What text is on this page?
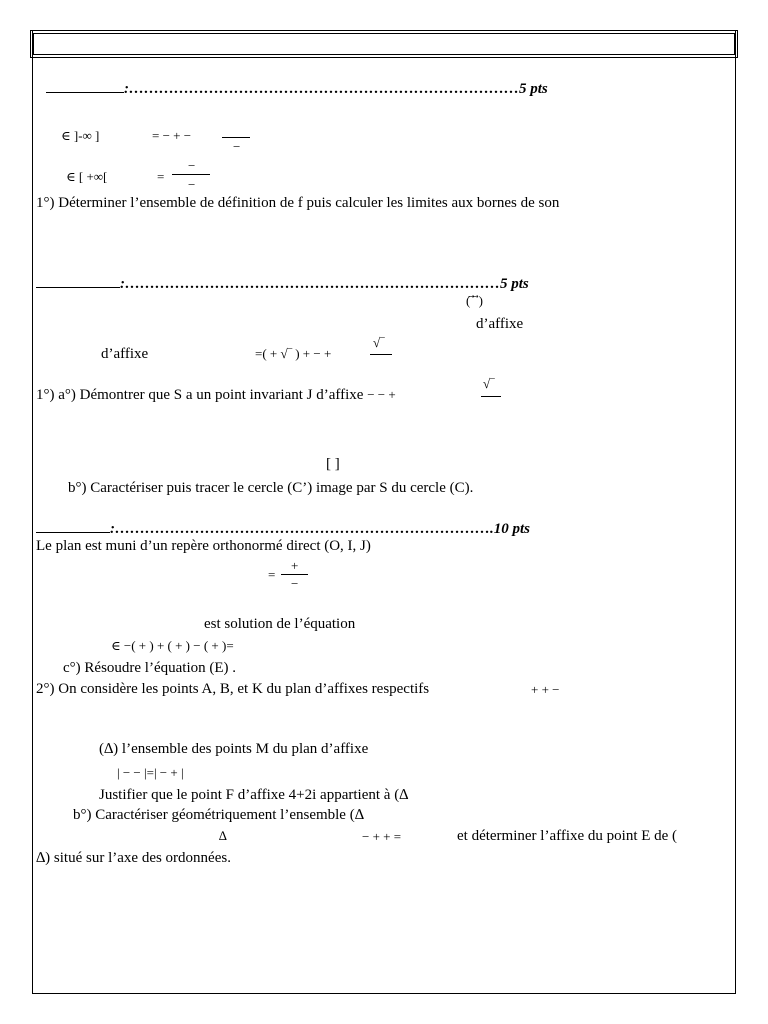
:……………………………………………………………………5 pts
∈ ]-∞ ]	= − + −
−
∈ [ +∞[	=
−
−
1°) Déterminer l’ensemble de définition de f puis calculer les limites aux bornes de son
:…………………………………………………………………5 pts
( ⃗ ⃗)
d’affixe
d’affixe	=( + √‾ ) + − +
√‾
1°) a°) Démontrer que S a un point invariant J d’affixe − − +
√‾
[ ]
b°) Caractériser puis tracer le cercle (C’) image par S du cercle (C).
:………………………………………………………………….10 pts
Le plan est muni d’un repère orthonormé direct (O, I, J)
=
+
−
est solution de l’équation
∈ −( + ) + ( + ) − ( + )=
c°) Résoudre l’équation (E) .
2°) On considère les points A, B, et K du plan d’affixes respectifs	+ + −
(∆) l’ensemble des points M du plan d’affixe
| − − |=| − + |
Justifier que le point F d’affixe 4+2i appartient à (∆
b°) Caractériser géométriquement l’ensemble (∆
∆	− + + =	et déterminer l’affixe du point E de (
∆) situé sur l’axe des ordonnées.
